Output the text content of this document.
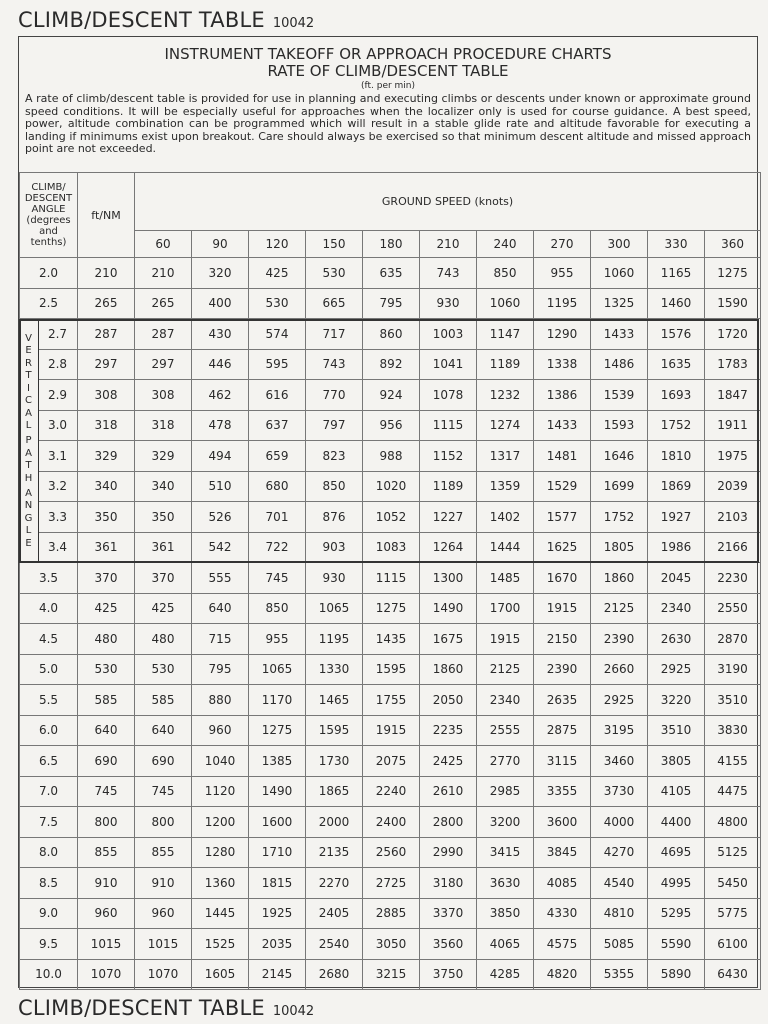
CLIMB/DESCENT TABLE 10042
INSTRUMENT TAKEOFF OR APPROACH PROCEDURE CHARTS
RATE OF CLIMB/DESCENT TABLE
(ft. per min)
A rate of climb/descent table is provided for use in planning and executing climbs or descents under known or approximate ground speed conditions. It will be especially useful for approaches when the localizer only is used for course guidance. A best speed, power, altitude combination can be programmed which will result in a stable glide rate and altitude favorable for executing a landing if minimums exist upon breakout. Care should always be exercised so that minimum descent altitude and missed approach point are not exceeded.
CLIMB/ DESCENT ANGLE (degrees and tenths)	ft/NM	GROUND SPEED (knots)										
		60	90	120	150	180	210	240	270	300	330	360
2.0	210	210	320	425	530	635	743	850	955	1060	1165	1275
2.5	265	265	400	530	665	795	930	1060	1195	1325	1460	1590
2.7	287	287	430	574	717	860	1003	1147	1290	1433	1576	1720
2.8	297	297	446	595	743	892	1041	1189	1338	1486	1635	1783
2.9	308	308	462	616	770	924	1078	1232	1386	1539	1693	1847
3.0	318	318	478	637	797	956	1115	1274	1433	1593	1752	1911
3.1	329	329	494	659	823	988	1152	1317	1481	1646	1810	1975
3.2	340	340	510	680	850	1020	1189	1359	1529	1699	1869	2039
3.3	350	350	526	701	876	1052	1227	1402	1577	1752	1927	2103
3.4	361	361	542	722	903	1083	1264	1444	1625	1805	1986	2166
3.5	370	370	555	745	930	1115	1300	1485	1670	1860	2045	2230
4.0	425	425	640	850	1065	1275	1490	1700	1915	2125	2340	2550
4.5	480	480	715	955	1195	1435	1675	1915	2150	2390	2630	2870
5.0	530	530	795	1065	1330	1595	1860	2125	2390	2660	2925	3190
5.5	585	585	880	1170	1465	1755	2050	2340	2635	2925	3220	3510
6.0	640	640	960	1275	1595	1915	2235	2555	2875	3195	3510	3830
6.5	690	690	1040	1385	1730	2075	2425	2770	3115	3460	3805	4155
7.0	745	745	1120	1490	1865	2240	2610	2985	3355	3730	4105	4475
7.5	800	800	1200	1600	2000	2400	2800	3200	3600	4000	4400	4800
8.0	855	855	1280	1710	2135	2560	2990	3415	3845	4270	4695	5125
8.5	910	910	1360	1815	2270	2725	3180	3630	4085	4540	4995	5450
9.0	960	960	1445	1925	2405	2885	3370	3850	4330	4810	5295	5775
9.5	1015	1015	1525	2035	2540	3050	3560	4065	4575	5085	5590	6100
10.0	1070	1070	1605	2145	2680	3215	3750	4285	4820	5355	5890	6430
V
E
R
T
I
C
A
L
P
A
T
H
A
N
G
L
E
CLIMB/DESCENT TABLE 10042
